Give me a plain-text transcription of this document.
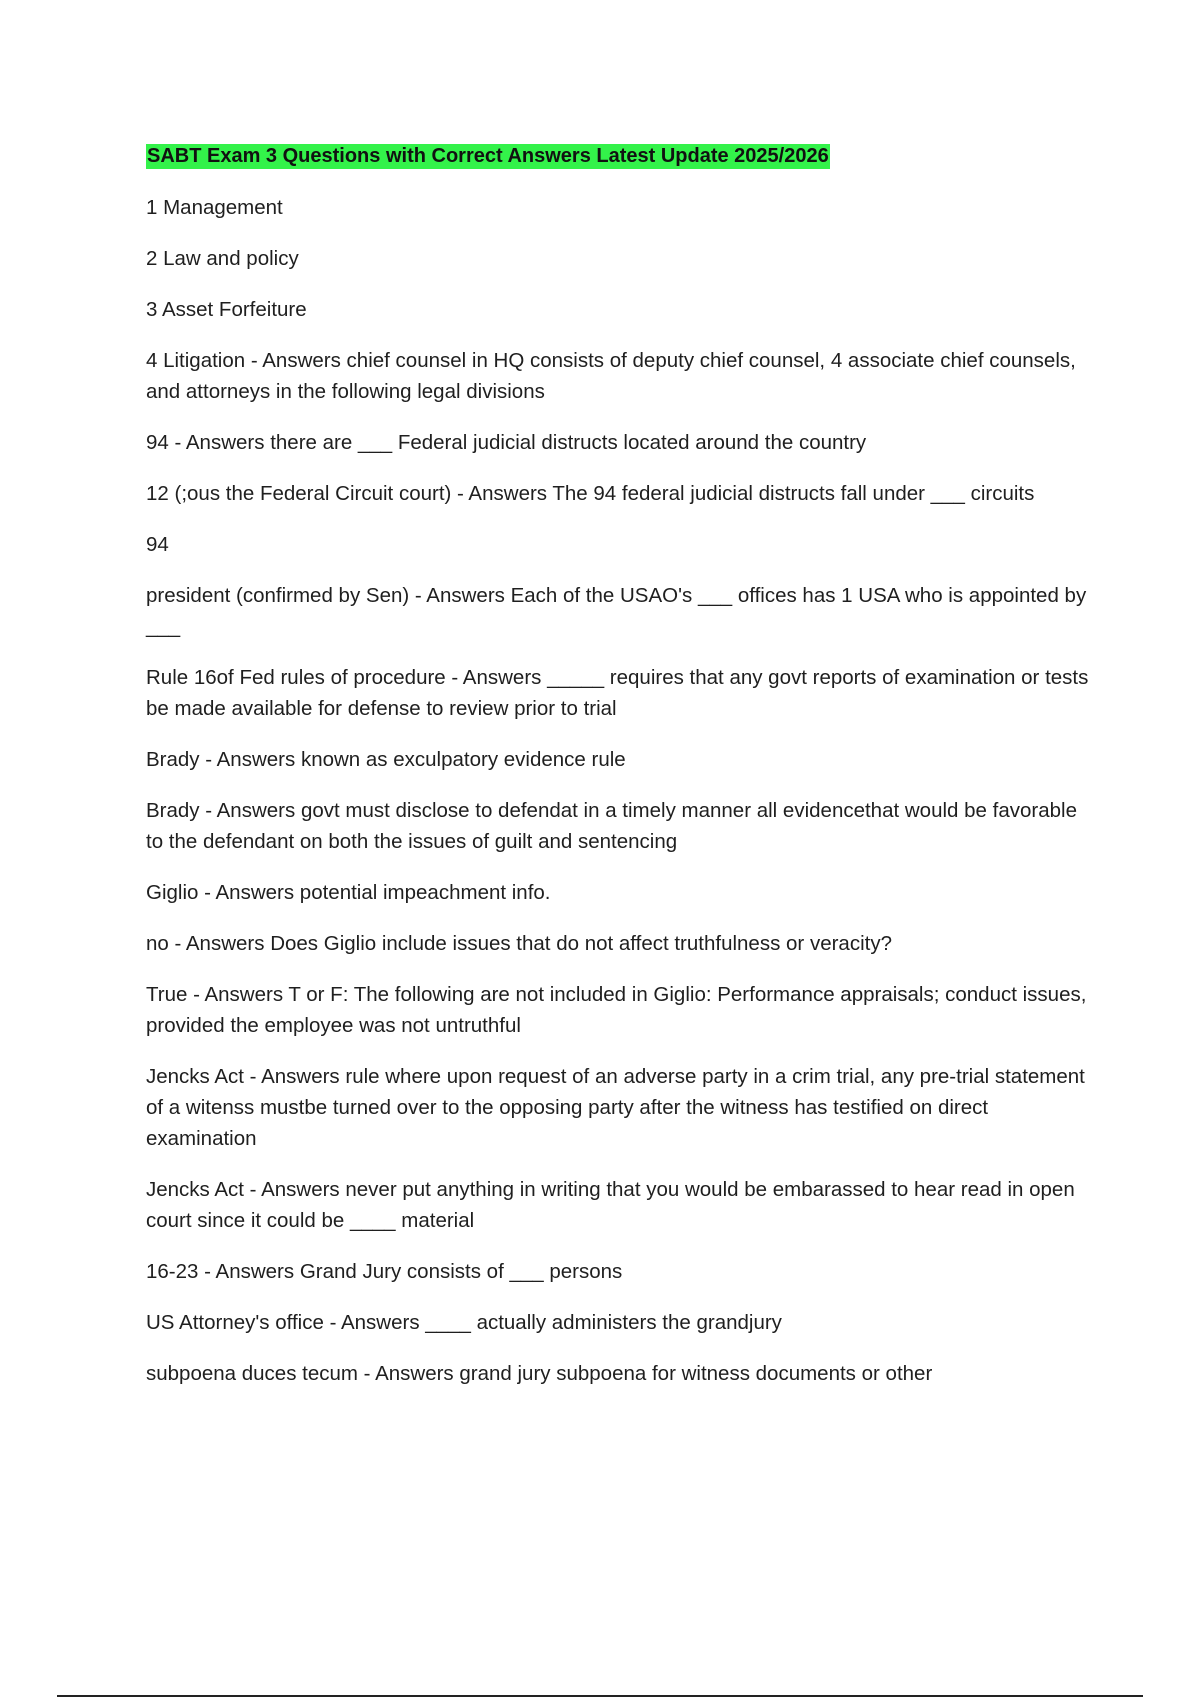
SABT Exam 3 Questions with Correct Answers Latest Update 2025/2026

1 Management

2 Law and policy

3 Asset Forfeiture

4 Litigation - Answers chief counsel in HQ consists of deputy chief counsel, 4 associate chief counsels, and attorneys in the following legal divisions

94 - Answers there are ___ Federal judicial distructs located around the country

12 (;ous the Federal Circuit court) - Answers The 94 federal judicial distructs fall under ___ circuits

94

president (confirmed by Sen) - Answers Each of the USAO's ___ offices has 1 USA who is appointed by ___

Rule 16of Fed rules of procedure - Answers _____ requires that any govt reports of examination or tests be made available for defense to review prior to trial

Brady - Answers known as exculpatory evidence rule

Brady - Answers govt must disclose to defendat in a timely manner all evidencethat would be favorable to the defendant on both the issues of guilt and sentencing

Giglio - Answers potential impeachment info.

no - Answers Does Giglio include issues that do not affect truthfulness or veracity?

True - Answers T or F: The following are not included in Giglio: Performance appraisals; conduct issues, provided the employee was not untruthful

Jencks Act - Answers rule where upon request of an adverse party in a crim trial, any pre-trial statement of a witenss mustbe turned over to the opposing party after the witness has testified on direct examination

Jencks Act - Answers never put anything in writing that you would be embarassed to hear read in open court since it could be ____ material

16-23 - Answers Grand Jury consists of ___ persons

US Attorney's office - Answers ____ actually administers the grandjury

subpoena duces tecum - Answers grand jury subpoena for witness documents or other
